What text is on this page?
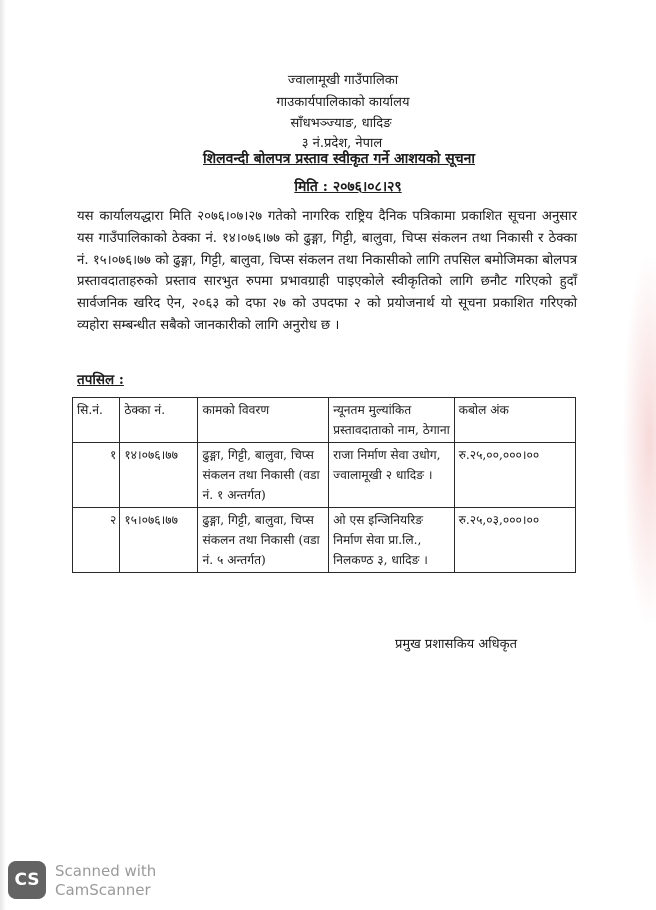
ज्वालामूखी गाउँपालिका
गाउकार्यपालिकाको कार्यालय
साँधभञ्ज्याङ, धादिङ
३ नं.प्रदेश, नेपाल
शिलवन्दी बोलपत्र प्रस्ताव स्वीकृत गर्ने आशयको सूचना
मिति : २०७६।०८।२९
यस कार्यालयद्धारा मिति २०७६।०७।२७ गतेको नागरिक राष्ट्रिय दैनिक पत्रिकामा प्रकाशित सूचना अनुसार यस गाउँपालिकाको ठेक्का नं. १४।०७६।७७ को ढुङ्गा, गिट्टी, बालुवा, चिप्स संकलन तथा निकासी र ठेक्का नं. १५।०७६।७७ को ढुङ्गा, गिट्टी, बालुवा, चिप्स संकलन तथा निकासीको लागि तपसिल बमोजिमका बोलपत्र प्रस्तावदाताहरुको प्रस्ताव सारभुत रुपमा प्रभावग्राही पाइएकोले स्वीकृतिको लागि छनौट गरिएको हुदाँ सार्वजनिक खरिद ऐन, २०६३ को दफा २७ को उपदफा २ को प्रयोजनार्थ यो सूचना प्रकाशित गरिएको व्यहोरा सम्बन्धीत सबैको जानकारीको लागि अनुरोध छ ।
तपसिल :
सि.नं.	ठेक्का नं.	कामको विवरण	न्यूनतम मुल्यांकित प्रस्तावदाताको नाम, ठेगाना	कबोल अंक
१	१४।०७६।७७	ढुङ्गा, गिट्टी, बालुवा, चिप्स संकलन तथा निकासी (वडा नं. १ अन्तर्गत)	राजा निर्माण सेवा उधोग, ज्वालामूखी २ धादिङ ।	रु.२५,००,०००।००
२	१५।०७६।७७	ढुङ्गा, गिट्टी, बालुवा, चिप्स संकलन तथा निकासी (वडा नं. ५ अन्तर्गत)	ओ एस इन्जिनियरिङ निर्माण सेवा प्रा.लि., निलकण्ठ ३, धादिङ ।	रु.२५,०३,०००।००
प्रमुख प्रशासकिय अधिकृत
CS	Scanned with
CamScanner
